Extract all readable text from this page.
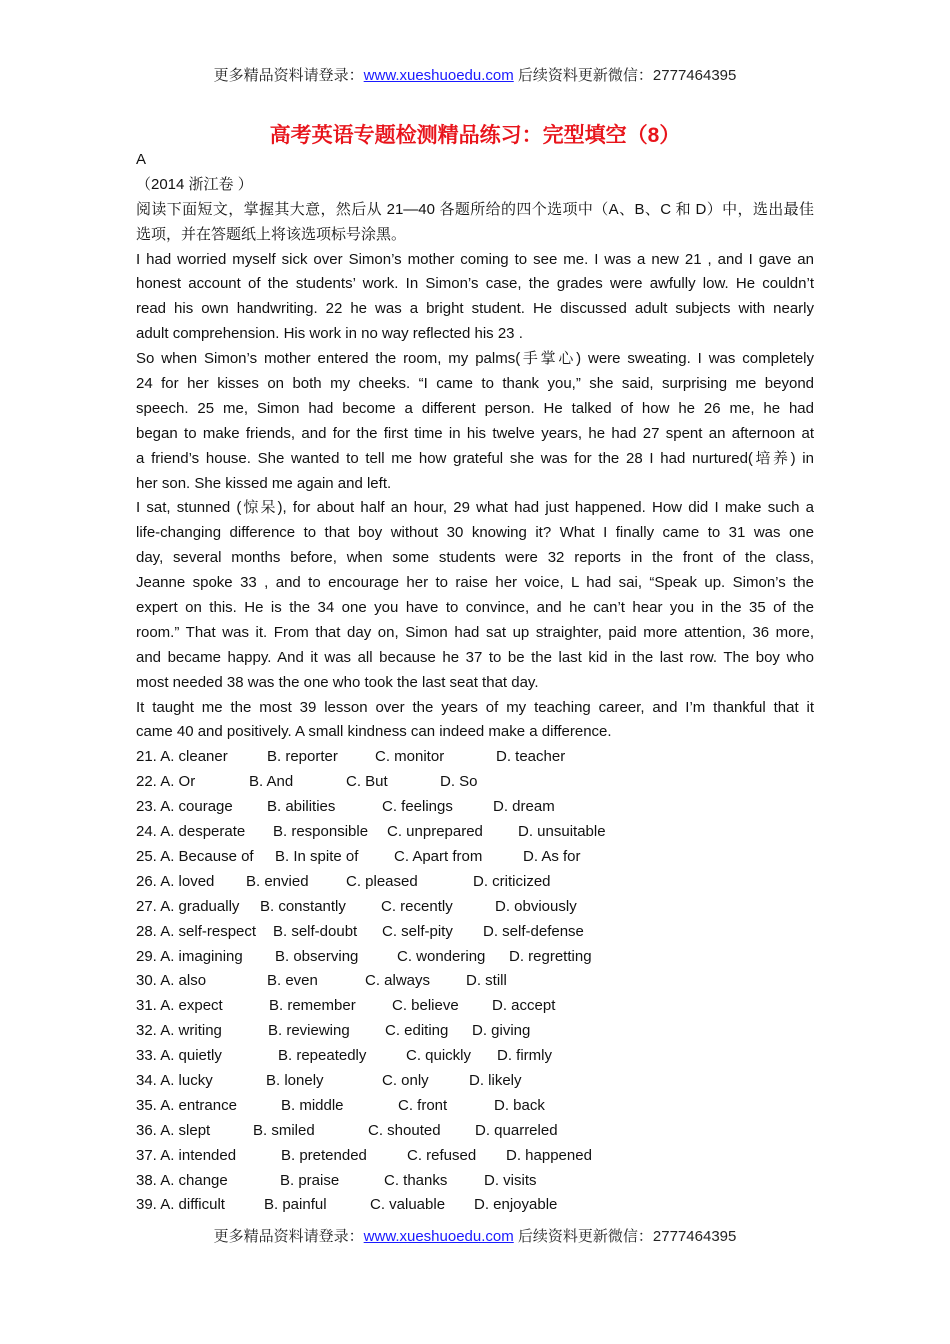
更多精品资料请登录：www.xueshuoedu.com 后续资料更新微信：2777464395
高考英语专题检测精品练习：完型填空（8）
A
（2014 浙江卷 ）
阅读下面短文，掌握其大意，然后从 21—40 各题所给的四个选项中（A、B、C 和 D）中，选出最佳
选项，并在答题纸上将该选项标号涂黑。
I had worried myself sick over Simon’s mother coming to see me. I was a new 21 , and I gave an
honest account of the students’ work. In Simon’s case, the grades were awfully low. He couldn’t
read his own handwriting. 22 he was a bright student. He discussed adult subjects with nearly
adult comprehension. His work in no way reflected his 23 .
So when Simon’s mother entered the room, my palms(手掌心) were sweating. I was completely
24 for her kisses on both my cheeks. “I came to thank you,” she said, surprising me beyond
speech. 25 me, Simon had become a different person. He talked of how he 26 me, he had
began to make friends, and for the first time in his twelve years, he had 27 spent an afternoon at
a friend’s house. She wanted to tell me how grateful she was for the 28 I had nurtured(培养) in
her son. She kissed me again and left.
I sat, stunned (惊呆), for about half an hour, 29 what had just happened. How did I make such a
life-changing difference to that boy without 30 knowing it? What I finally came to 31 was one
day, several months before, when some students were 32 reports in the front of the class,
Jeanne spoke 33 , and to encourage her to raise her voice, L had sai, “Speak up. Simon’s the
expert on this. He is the 34 one you have to convince, and he can’t hear you in the 35 of the
room.” That was it. From that day on, Simon had sat up straighter, paid more attention, 36 more,
and became happy. And it was all because he 37 to be the last kid in the last row. The boy who
most needed 38 was the one who took the last seat that day.
It taught me the most 39 lesson over the years of my teaching career, and I’m thankful that it
came 40 and positively. A small kindness can indeed make a difference.
21. A. cleaner	B. reporter C. monitor	D. teacher
22. A. Or	B. And	C. But	D. So
23. A. courage B. abilities	C. feelings	D. dream
24. A. desperate B. responsible C. unprepared D. unsuitable
25. A. Because of B. In spite of C. Apart from	D. As for
26. A. loved B. envied C. pleased	D. criticized
27. A. gradually B. constantly C. recently	D. obviously
28. A. self-respect B. self-doubt C. self-pity D. self-defense
29. A. imagining B. observing	C. wondering D. regretting
30. A. also	B. even	C. always D. still
31. A. expect	B. remember C. believe D. accept
32. A. writing	B. reviewing C. editing D. giving
33. A. quietly	B. repeatedly	C. quickly D. firmly
34. A. lucky	B. lonely	C. only	D. likely
35. A. entrance	B. middle	C. front	D. back
36. A. slept	B. smiled	C. shouted D. quarreled
37. A. intended	B. pretended	C. refused D. happened
38. A. change	B. praise	C. thanks D. visits
39. A. difficult	B. painful	C. valuable D. enjoyable
更多精品资料请登录：www.xueshuoedu.com 后续资料更新微信：2777464395
